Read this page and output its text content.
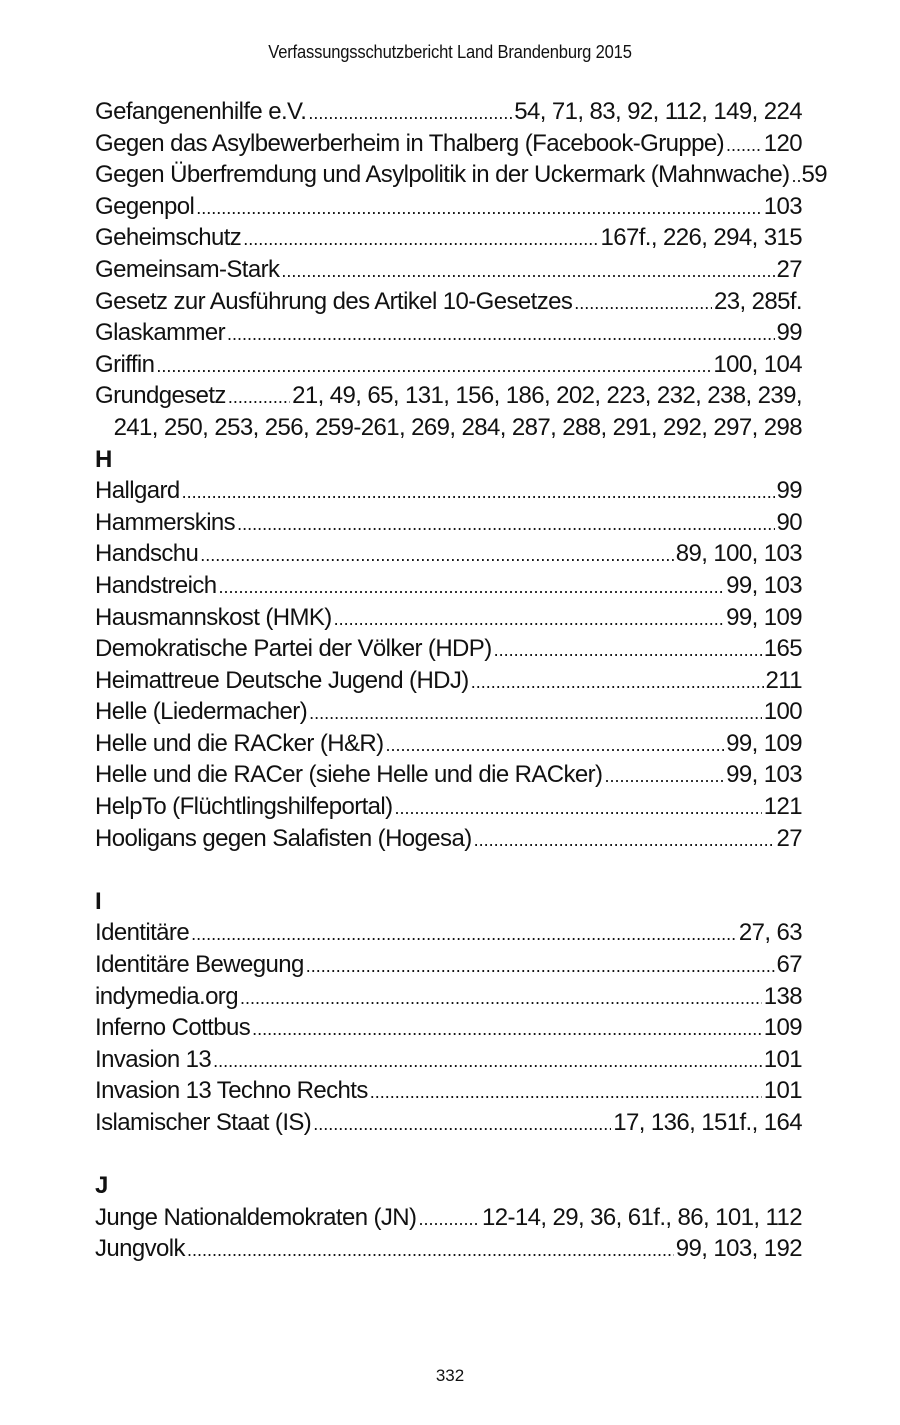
Verfassungsschutzbericht Land Brandenburg 2015
Gefangenenhilfe e.V. .....	54, 71, 83, 92, 112, 149, 224
Gegen das Asylbewerberheim in Thalberg (Facebook-Gruppe) ..... 120
Gegen Überfremdung und Asylpolitik in der Uckermark (Mahnwache) ..... 59
Gegenpol .....	103
Geheimschutz .....	167f., 226, 294, 315
Gemeinsam-Stark .....	27
Gesetz zur Ausführung des Artikel 10-Gesetzes .....	23, 285f.
Glaskammer .....	99
Griffin .....	100, 104
Grundgesetz .....	21, 49, 65, 131, 156, 186, 202, 223, 232, 238, 239,
241, 250, 253, 256, 259-261, 269, 284, 287, 288, 291, 292, 297, 298
H
Hallgard .....	99
Hammerskins .....	90
Handschu .....	89, 100, 103
Handstreich .....	99, 103
Hausmannskost (HMK) .....	99, 109
Demokratische Partei der Völker (HDP) .....	165
Heimattreue Deutsche Jugend (HDJ) .....	211
Helle (Liedermacher) .....	100
Helle und die RACker (H&R) .....	99, 109
Helle und die RACer (siehe Helle und die RACker) .....	99, 103
HelpTo (Flüchtlingshilfeportal) .....	121
Hooligans gegen Salafisten (Hogesa) .....	27
I
Identitäre .....	27, 63
Identitäre Bewegung .....	67
indymedia.org .....	138
Inferno Cottbus .....	109
Invasion 13 .....	101
Invasion 13 Techno Rechts .....	101
Islamischer Staat (IS) .....	17, 136, 151f., 164
J
Junge Nationaldemokraten (JN) .....	12-14, 29, 36, 61f., 86, 101, 112
Jungvolk .....	99, 103, 192
332
